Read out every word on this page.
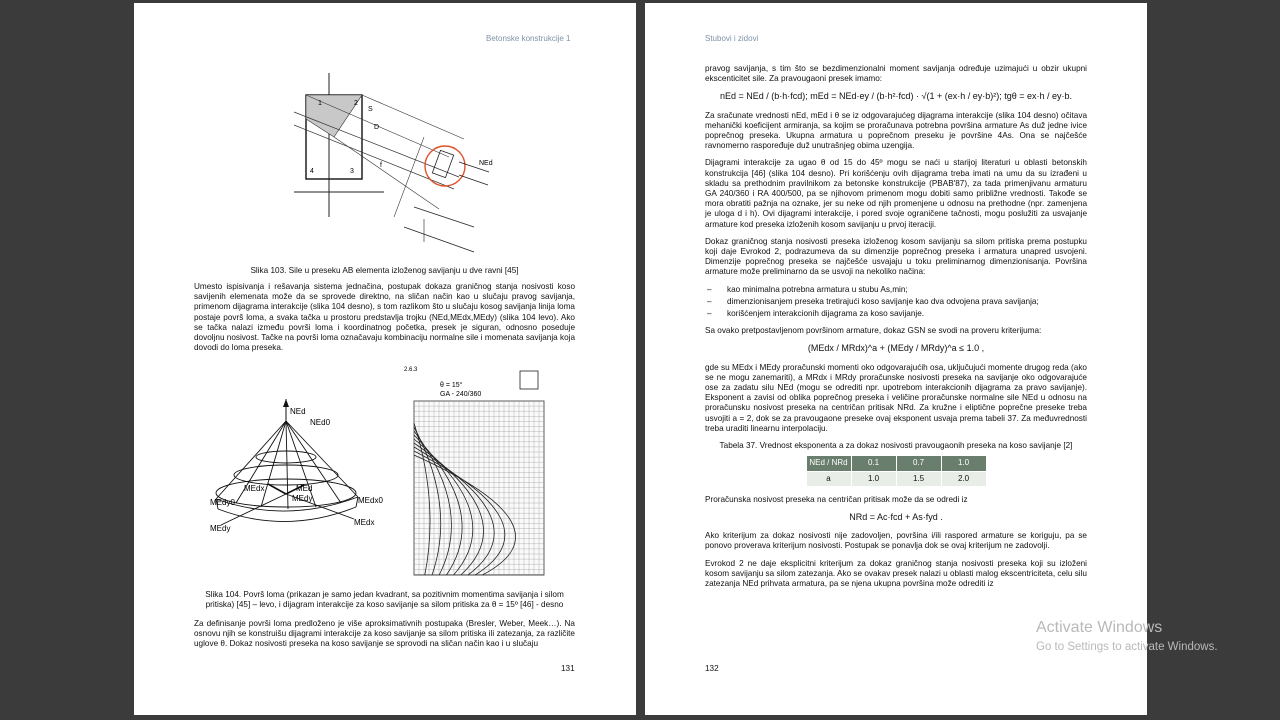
Betonske konstrukcije 1
NEd
S
D
1	2
3
4
f

Slika 103. Sile u preseku AB elementa izloženog savijanju u dve ravni [45]

Umesto ispisivanja i rešavanja sistema jednačina, postupak dokaza graničnog stanja nosivosti koso savijenih elemenata može da se sprovede direktno, na sličan način kao u slučaju pravog savijanja, primenom dijagrama interakcije (slika 104 desno), s tom razlikom što u slučaju kosog savijanja linija loma postaje površ loma, a svaka tačka u prostoru predstavlja trojku (NEd,MEdx,MEdy) (slika 104 levo). Ako se tačka nalazi između površi loma i koordinatnog početka, presek je siguran, odnosno poseduje dovoljnu nosivost. Tačke na površi loma označavaju kombinaciju normalne sile i momenata savijanja koja dovodi do loma preseka.

NEd
NEd0
MEdx	MEd
MEdy
MEdy0	MEdx0
MEdy
MEdx
2.6.3
θ = 15°
GA - 240/360

Slika 104. Površ loma (prikazan je samo jedan kvadrant, sa pozitivnim momentima savijanja i silom pritiska) [45] – levo, i dijagram interakcije za koso savijanje sa silom pritiska za θ = 15º [46] - desno

Za definisanje površi loma predloženo je više aproksimativnih postupaka (Bresler, Weber, Meek…). Na osnovu njih se konstruišu dijagrami interakcije za koso savijanje sa silom pritiska ili zatezanja, za različite uglove θ. Dokaz nosivosti preseka na koso savijanje se sprovodi na sličan način kao i u slučaju

131
Stubovi i zidovi

pravog savijanja, s tim što se bezdimenzionalni moment savijanja određuje uzimajući u obzir ukupni ekscenticitet sile. Za pravougaoni presek imamo:

nEd = NEd / (b·h·fcd); mEd = NEd·ey / (b·h²·fcd) · √(1 + (ex·h / ey·b)²); tgθ = ex·h / ey·b.

Za sračunate vrednosti nEd, mEd i θ se iz odgovarajućeg dijagrama interakcije (slika 104 desno) očitava mehanički koeficijent armiranja, sa kojim se proračunava potrebna površina armature As duž jedne ivice poprečnog preseka. Ukupna armatura u poprečnom preseku je površine 4As. Ona se najčešće ravnomerno raspoređuje duž unutrašnjeg obima uzengija.

Dijagrami interakcije za ugao θ od 15 do 45º mogu se naći u starijoj literaturi u oblasti betonskih konstrukcija [46] (slika 104 desno). Pri korišćenju ovih dijagrama treba imati na umu da su izrađeni u skladu sa prethodnim pravilnikom za betonske konstrukcije (PBAB'87), za tada primenjivanu armaturu GA 240/360 i RA 400/500, pa se njihovom primenom mogu dobiti samo približne vrednosti. Takođe se mora obratiti pažnja na oznake, jer su neke od njih promenjene u odnosu na prethodne (npr. zamenjena je uloga d i h). Ovi dijagrami interakcije, i pored svoje ograničene tačnosti, mogu poslužiti za usvajanje armature kod preseka izloženih kosom savijanju u prvoj iteraciji.

Dokaz graničnog stanja nosivosti preseka izloženog kosom savijanju sa silom pritiska prema postupku koji daje Evrokod 2, podrazumeva da su dimenzije poprečnog preseka i armatura unapred usvojeni. Dimenzije poprečnog preseka se najčešće usvajaju u toku preliminarnog dimenzionisanja. Površina armature može preliminarno da se usvoji na nekoliko načina:

– kao minimalna potrebna armatura u stubu As,min;
– dimenzionisanjem preseka tretirajući koso savijanje kao dva odvojena prava savijanja;
– korišćenjem interakcionih dijagrama za koso savijanje.

Sa ovako pretpostavljenom površinom armature, dokaz GSN se svodi na proveru kriterijuma:

(MEdx / MRdx)^a + (MEdy / MRdy)^a ≤ 1.0 ,

gde su MEdx i MEdy proračunski momenti oko odgovarajućih osa, uključujući momente drugog reda (ako se ne mogu zanemariti), a MRdx i MRdy proračunske nosivosti preseka na savijanje oko odgovarajuće ose za zadatu silu NEd (mogu se odrediti npr. upotrebom interakcionih dijagrama za pravo savijanje). Eksponent a zavisi od oblika poprečnog preseka i veličine proračunske normalne sile NEd u odnosu na proračunsku nosivost preseka na centričan pritisak NRd. Za kružne i eliptične poprečne preseke treba usvojiti a = 2, dok se za pravougaone preseke ovaj eksponent usvaja prema tabeli 37. Za međuvrednosti treba uraditi linearnu interpolaciju.

Tabela 37. Vrednost eksponenta a za dokaz nosivosti pravougaonih preseka na koso savijanje [2]

NEd / NRd	0.1	0.7	1.0
a	1.0	1.5	2.0

Proračunska nosivost preseka na centričan pritisak može da se odredi iz

NRd = Ac·fcd + As·fyd .

Ako kriterijum za dokaz nosivosti nije zadovoljen, površina i/ili raspored armature se koriguju, pa se ponovo proverava kriterijum nosivosti. Postupak se ponavlja dok se ovaj kriterijum ne zadovolji.

Evrokod 2 ne daje eksplicitni kriterijum za dokaz graničnog stanja nosivosti preseka koji su izloženi kosom savijanju sa silom zatezanja. Ako se ovakav presek nalazi u oblasti malog ekscentriciteta, celu silu zatezanja NEd prihvata armatura, pa se njena ukupna površina može odrediti iz

132
Activate Windows
Go to Settings to activate Windows.
